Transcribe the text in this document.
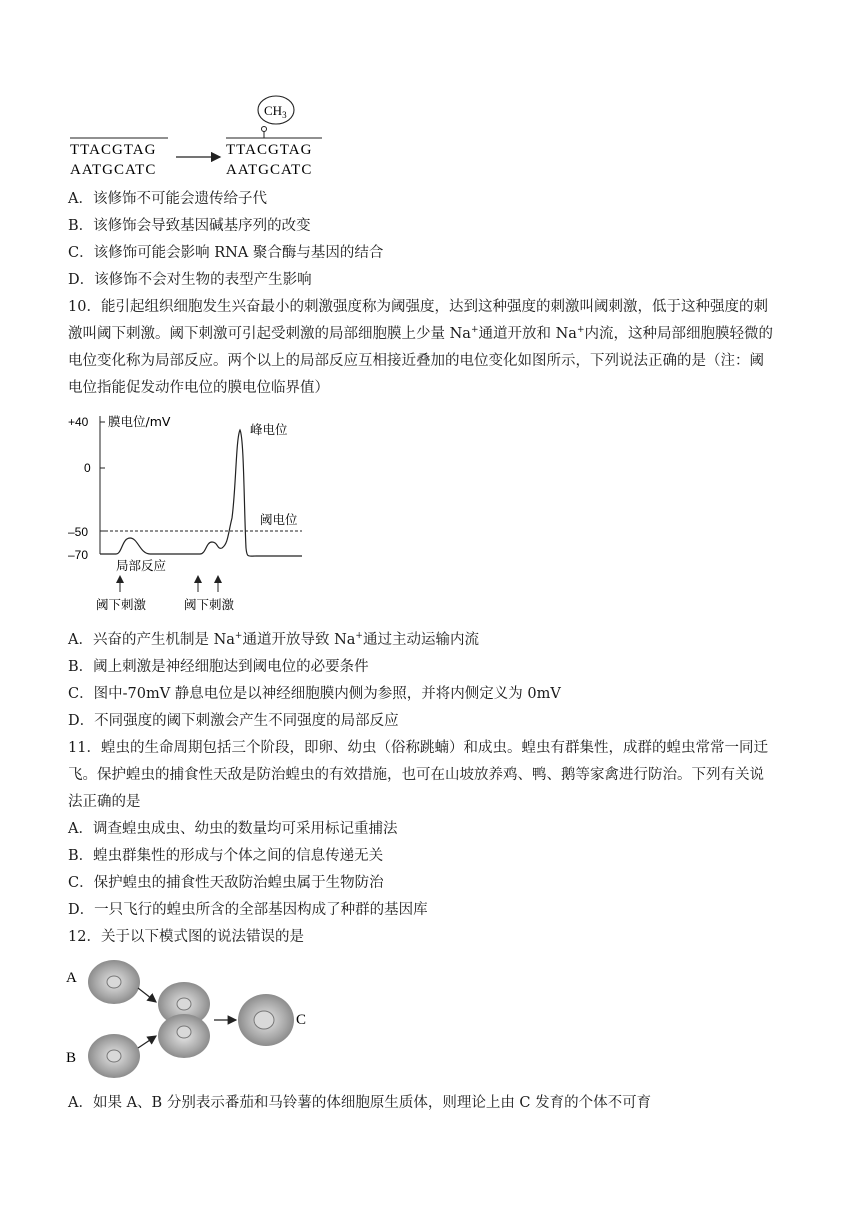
TTACGTAG
AATGCATC
$CH_3$
TTACGTAG
AATGCATC
A．该修饰不可能会遗传给子代
B．该修饰会导致基因碱基序列的改变
C．该修饰可能会影响 RNA 聚合酶与基因的结合
D．该修饰不会对生物的表型产生影响
10．能引起组织细胞发生兴奋最小的刺激强度称为阈强度，达到这种强度的刺激叫阈刺激，低于这种强度的刺
激叫阈下刺激。阈下刺激可引起受刺激的局部细胞膜上少量 Na+通道开放和 Na+内流，这种局部细胞膜轻微的
电位变化称为局部反应。两个以上的局部反应互相接近叠加的电位变化如图所示，下列说法正确的是（注：阈
电位指能促发动作电位的膜电位临界值）
+40
0
–50
–70
膜电位/mV
阈电位
峰电位
局部反应
阈下刺激	阈下刺激
A．兴奋的产生机制是 Na+通道开放导致 Na+通过主动运输内流
B．阈上刺激是神经细胞达到阈电位的必要条件
C．图中-70mV 静息电位是以神经细胞膜内侧为参照，并将内侧定义为 0mV
D．不同强度的阈下刺激会产生不同强度的局部反应
11．蝗虫的生命周期包括三个阶段，即卵、幼虫（俗称跳蝻）和成虫。蝗虫有群集性，成群的蝗虫常常一同迁
飞。保护蝗虫的捕食性天敌是防治蝗虫的有效措施，也可在山坡放养鸡、鸭、鹅等家禽进行防治。下列有关说
法正确的是
A．调查蝗虫成虫、幼虫的数量均可采用标记重捕法
B．蝗虫群集性的形成与个体之间的信息传递无关
C．保护蝗虫的捕食性天敌防治蝗虫属于生物防治
D．一只飞行的蝗虫所含的全部基因构成了种群的基因库
12．关于以下模式图的说法错误的是
A
B
C
A．如果 A、B 分别表示番茄和马铃薯的体细胞原生质体，则理论上由 C 发育的个体不可育
